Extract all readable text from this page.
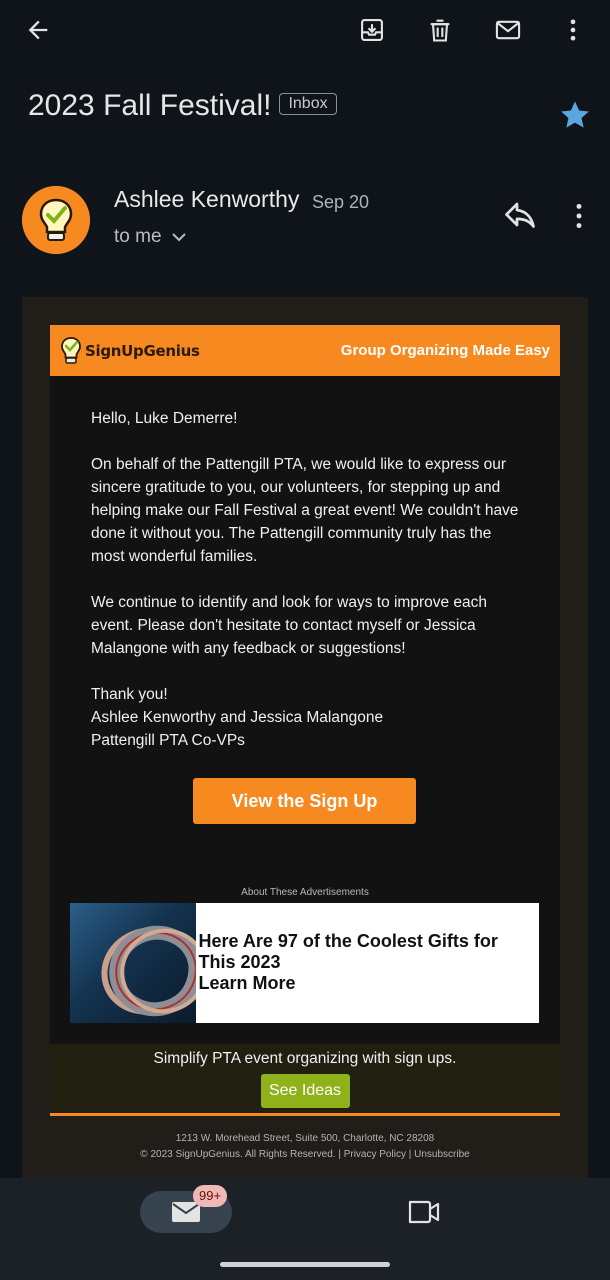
2023 Fall Festival!	Inbox
Ashlee Kenworthy Sep 20
to me
SignUpGenius	Group Organizing Made Easy

Hello, Luke Demerre!

On behalf of the Pattengill PTA, we would like to express our sincere gratitude to you, our volunteers, for stepping up and helping make our Fall Festival a great event! We couldn't have done it without you. The Pattengill community truly has the most wonderful families.

We continue to identify and look for ways to improve each event. Please don't hesitate to contact myself or Jessica Malangone with any feedback or suggestions!

Thank you!
Ashlee Kenworthy and Jessica Malangone
Pattengill PTA Co-VPs
View the Sign Up
About These Advertisements
Here Are 97 of the Coolest Gifts for This 2023
Learn More
Simplify PTA event organizing with sign ups.
See Ideas
1213 W. Morehead Street, Suite 500, Charlotte, NC 28208
© 2023 SignUpGenius. All Rights Reserved. | Privacy Policy | Unsubscribe
99+
